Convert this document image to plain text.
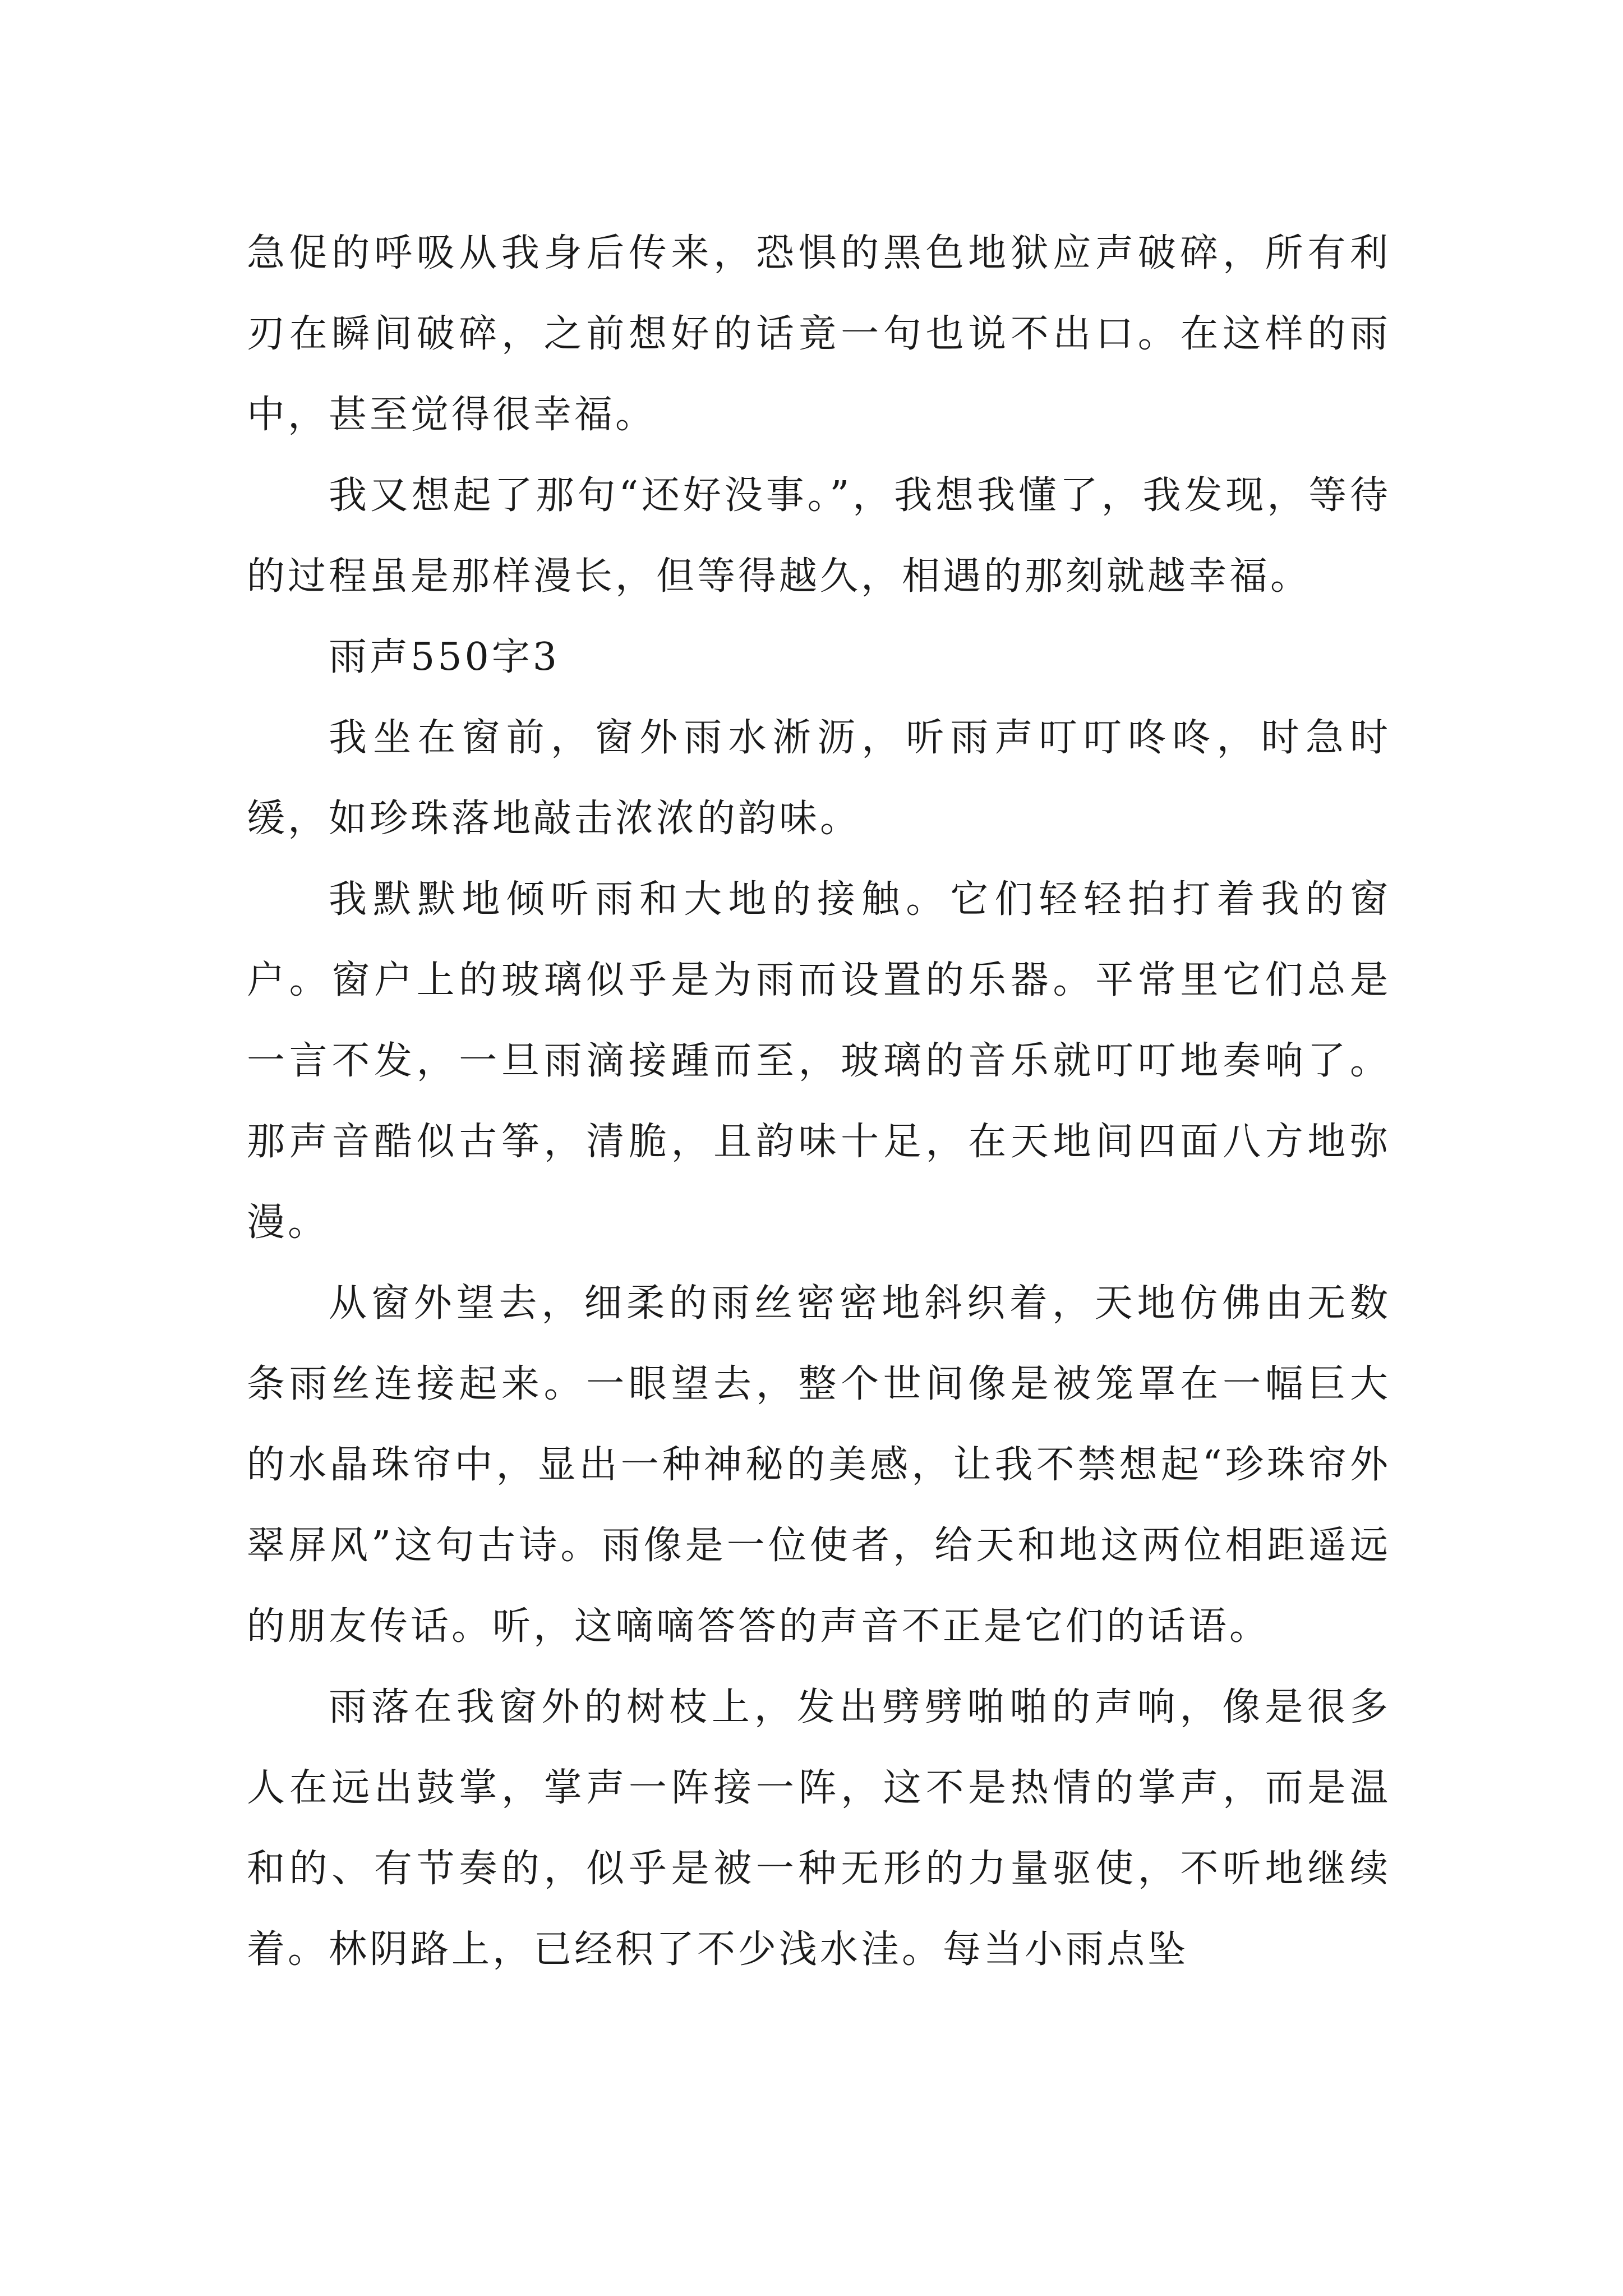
急促的呼吸从我身后传来，恐惧的黑色地狱应声破碎，所有利刃在瞬间破碎，之前想好的话竟一句也说不出口。在这样的雨中，甚至觉得很幸福。

我又想起了那句“还好没事。”，我想我懂了，我发现，等待的过程虽是那样漫长，但等得越久，相遇的那刻就越幸福。

雨声550字3

我坐在窗前，窗外雨水淅沥，听雨声叮叮咚咚，时急时缓，如珍珠落地敲击浓浓的韵味。

我默默地倾听雨和大地的接触。它们轻轻拍打着我的窗户。窗户上的玻璃似乎是为雨而设置的乐器。平常里它们总是一言不发，一旦雨滴接踵而至，玻璃的音乐就叮叮地奏响了。那声音酷似古筝，清脆，且韵味十足，在天地间四面八方地弥漫。

从窗外望去，细柔的雨丝密密地斜织着，天地仿佛由无数条雨丝连接起来。一眼望去，整个世间像是被笼罩在一幅巨大的水晶珠帘中，显出一种神秘的美感，让我不禁想起“珍珠帘外翠屏风”这句古诗。雨像是一位使者，给天和地这两位相距遥远的朋友传话。听，这嘀嘀答答的声音不正是它们的话语。

雨落在我窗外的树枝上，发出劈劈啪啪的声响，像是很多人在远出鼓掌，掌声一阵接一阵，这不是热情的掌声，而是温和的、有节奏的，似乎是被一种无形的力量驱使，不听地继续着。林阴路上，已经积了不少浅水洼。每当小雨点坠
